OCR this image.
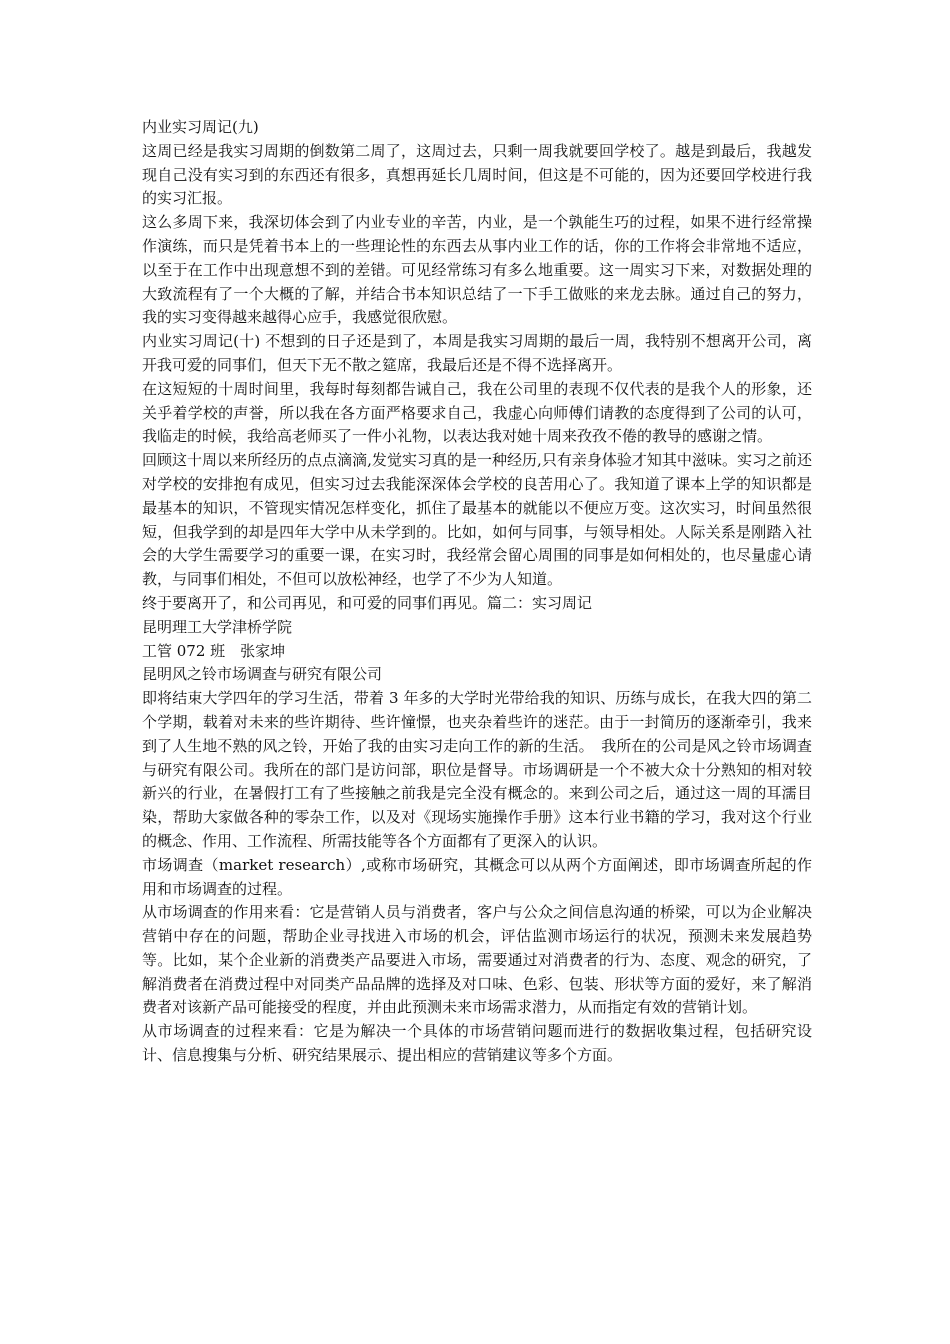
内业实习周记(九)

这周已经是我实习周期的倒数第二周了，这周过去，只剩一周我就要回学校了。越是到最后，我越发现自己没有实习到的东西还有很多，真想再延长几周时间，但这是不可能的，因为还要回学校进行我的实习汇报。

这么多周下来，我深切体会到了内业专业的辛苦，内业，是一个孰能生巧的过程，如果不进行经常操作演练，而只是凭着书本上的一些理论性的东西去从事内业工作的话，你的工作将会非常地不适应，以至于在工作中出现意想不到的差错。可见经常练习有多么地重要。这一周实习下来，对数据处理的大致流程有了一个大概的了解，并结合书本知识总结了一下手工做账的来龙去脉。通过自己的努力，我的实习变得越来越得心应手，我感觉很欣慰。

内业实习周记(十) 不想到的日子还是到了，本周是我实习周期的最后一周，我特别不想离开公司，离开我可爱的同事们，但天下无不散之筵席，我最后还是不得不选择离开。

在这短短的十周时间里，我每时每刻都告诫自己，我在公司里的表现不仅代表的是我个人的形象，还关乎着学校的声誉，所以我在各方面严格要求自己，我虚心向师傅们请教的态度得到了公司的认可，我临走的时候，我给高老师买了一件小礼物，以表达我对她十周来孜孜不倦的教导的感谢之情。

回顾这十周以来所经历的点点滴滴,发觉实习真的是一种经历,只有亲身体验才知其中滋味。实习之前还对学校的安排抱有成见，但实习过去我能深深体会学校的良苦用心了。我知道了课本上学的知识都是最基本的知识，不管现实情况怎样变化，抓住了最基本的就能以不便应万变。这次实习，时间虽然很短，但我学到的却是四年大学中从未学到的。比如，如何与同事，与领导相处。人际关系是刚踏入社会的大学生需要学习的重要一课，在实习时，我经常会留心周围的同事是如何相处的，也尽量虚心请教，与同事们相处，不但可以放松神经，也学了不少为人知道。

终于要离开了，和公司再见，和可爱的同事们再见。篇二：实习周记

昆明理工大学津桥学院

工管 072 班　张家坤

昆明风之铃市场调查与研究有限公司

即将结束大学四年的学习生活，带着 3 年多的大学时光带给我的知识、历练与成长，在我大四的第二个学期，载着对未来的些许期待、些许憧憬，也夹杂着些许的迷茫。由于一封简历的逐渐牵引，我来到了人生地不熟的风之铃，开始了我的由实习走向工作的新的生活。　我所在的公司是风之铃市场调查与研究有限公司。我所在的部门是访问部，职位是督导。市场调研是一个不被大众十分熟知的相对较新兴的行业，在暑假打工有了些接触之前我是完全没有概念的。来到公司之后，通过这一周的耳濡目染，帮助大家做各种的零杂工作，以及对《现场实施操作手册》这本行业书籍的学习，我对这个行业的概念、作用、工作流程、所需技能等各个方面都有了更深入的认识。

市场调查（market research）,或称市场研究，其概念可以从两个方面阐述，即市场调查所起的作用和市场调查的过程。

从市场调查的作用来看：它是营销人员与消费者，客户与公众之间信息沟通的桥梁，可以为企业解决营销中存在的问题，帮助企业寻找进入市场的机会，评估监测市场运行的状况，预测未来发展趋势等。比如，某个企业新的消费类产品要进入市场，需要通过对消费者的行为、态度、观念的研究，了解消费者在消费过程中对同类产品品牌的选择及对口味、色彩、包装、形状等方面的爱好，来了解消费者对该新产品可能接受的程度，并由此预测未来市场需求潜力，从而指定有效的营销计划。

从市场调查的过程来看：它是为解决一个具体的市场营销问题而进行的数据收集过程，包括研究设计、信息搜集与分析、研究结果展示、提出相应的营销建议等多个方面。
